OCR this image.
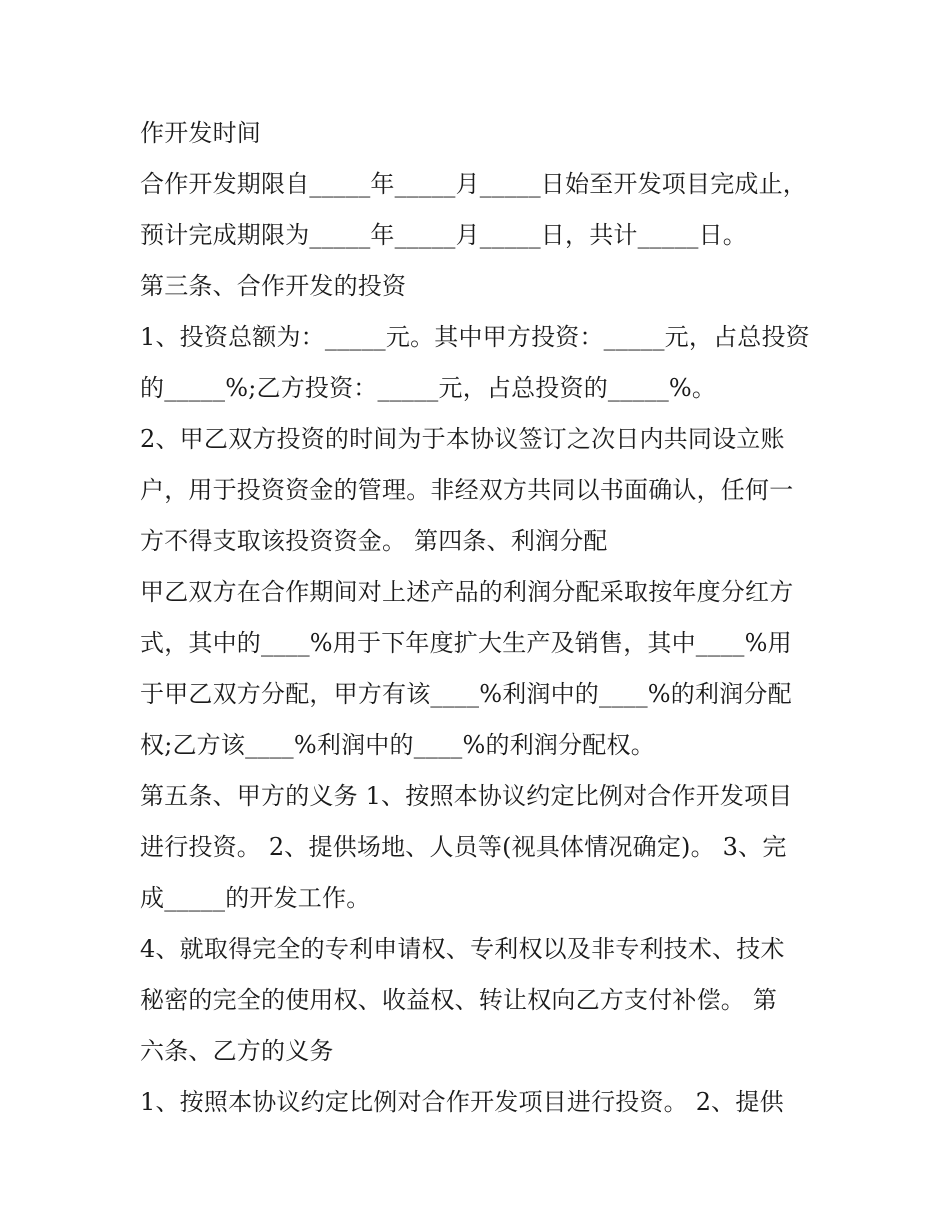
作开发时间
合作开发期限自_____年_____月_____日始至开发项目完成止，
预计完成期限为_____年_____月_____日，共计_____日。
第三条、合作开发的投资
1、投资总额为：_____元。其中甲方投资：_____元，占总投资
的_____%;乙方投资：_____元，占总投资的_____%。
2、甲乙双方投资的时间为于本协议签订之次日内共同设立账
户，用于投资资金的管理。非经双方共同以书面确认，任何一
方不得支取该投资资金。 第四条、利润分配
甲乙双方在合作期间对上述产品的利润分配采取按年度分红方
式，其中的____%用于下年度扩大生产及销售，其中____%用
于甲乙双方分配，甲方有该____%利润中的____%的利润分配
权;乙方该____%利润中的____%的利润分配权。
第五条、甲方的义务 1、按照本协议约定比例对合作开发项目
进行投资。 2、提供场地、人员等(视具体情况确定)。 3、完
成_____的开发工作。
4、就取得完全的专利申请权、专利权以及非专利技术、技术
秘密的完全的使用权、收益权、转让权向乙方支付补偿。 第
六条、乙方的义务
1、按照本协议约定比例对合作开发项目进行投资。 2、提供
